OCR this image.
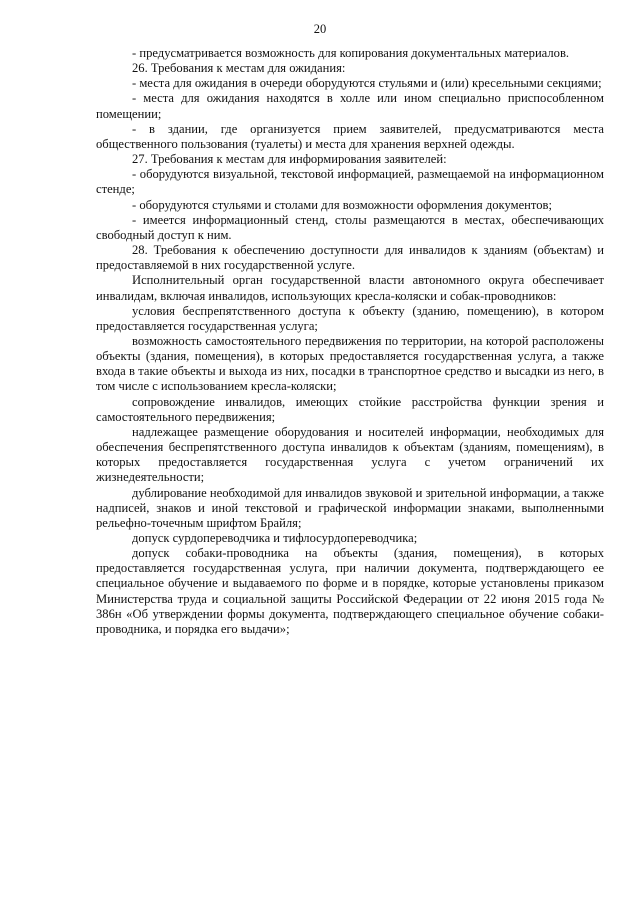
20

- предусматривается возможность для копирования документальных материалов.

26. Требования к местам для ожидания:

- места для ожидания в очереди оборудуются стульями и (или) кресельными секциями;

- места для ожидания находятся в холле или ином специально приспособленном помещении;

- в здании, где организуется прием заявителей, предусматриваются места общественного пользования (туалеты) и места для хранения верхней одежды.

27. Требования к местам для информирования заявителей:

- оборудуются визуальной, текстовой информацией, размещаемой на информационном стенде;

- оборудуются стульями и столами для возможности оформления документов;

- имеется информационный стенд, столы размещаются в местах, обеспечивающих свободный доступ к ним.

28. Требования к обеспечению доступности для инвалидов к зданиям (объектам) и предоставляемой в них государственной услуге.

Исполнительный орган государственной власти автономного округа обеспечивает инвалидам, включая инвалидов, использующих кресла-коляски и собак-проводников:

условия беспрепятственного доступа к объекту (зданию, помещению), в котором предоставляется государственная услуга;

возможность самостоятельного передвижения по территории, на которой расположены объекты (здания, помещения), в которых предоставляется государственная услуга, а также входа в такие объекты и выхода из них, посадки в транспортное средство и высадки из него, в том числе с использованием кресла-коляски;

сопровождение инвалидов, имеющих стойкие расстройства функции зрения и самостоятельного передвижения;

надлежащее размещение оборудования и носителей информации, необходимых для обеспечения беспрепятственного доступа инвалидов к объектам (зданиям, помещениям), в которых предоставляется государственная услуга с учетом ограничений их жизнедеятельности;

дублирование необходимой для инвалидов звуковой и зрительной информации, а также надписей, знаков и иной текстовой и графической информации знаками, выполненными рельефно-точечным шрифтом Брайля;

допуск сурдопереводчика и тифлосурдопереводчика;

допуск собаки-проводника на объекты (здания, помещения), в которых предоставляется государственная услуга, при наличии документа, подтверждающего ее специальное обучение и выдаваемого по форме и в порядке, которые установлены приказом Министерства труда и социальной защиты Российской Федерации от 22 июня 2015 года № 386н «Об утверждении формы документа, подтверждающего специальное обучение собаки-проводника, и порядка его выдачи»;
